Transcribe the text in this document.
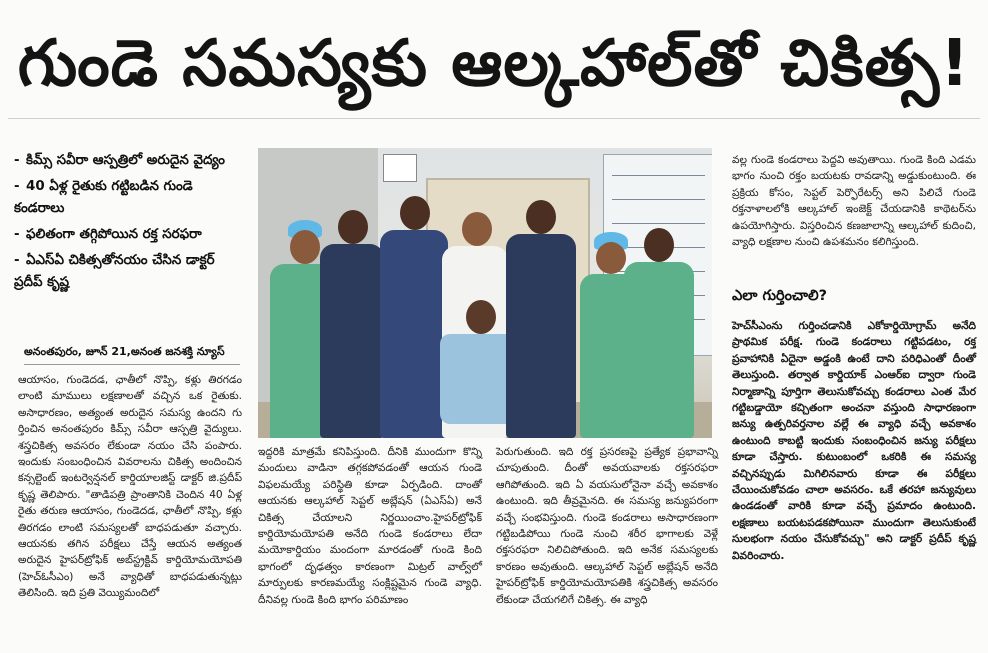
గుండె సమస్యకు ఆల్కహాల్‌తో చికిత్స!
- కిమ్స్ సవీరా ఆస్పత్రిలో అరుదైన వైద్యం
- 40 ఏళ్ల రైతుకు గట్టిబడిన గుండె కండరాలు
- ఫలితంగా తగ్గిపోయిన రక్త సరఫరా
- ఏఎస్ఏ చికిత్సతోనయం చేసిన డాక్టర్ ప్రదీప్ కృష్ణ
అనంతపురం, జూన్ 21,అనంత జనశక్తి న్యూస్

ఆయాసం, గుండెదడ, ఛాతీలో నొప్పి, కళ్లు తిరగడం లాంటి మాములు లక్షణాలతో వచ్చిన ఒక రైతుకు. అసాధారణం, అత్యంత అరుదైన సమస్య ఉందని గు ర్తించిన అనంతపురం కిమ్స్ సవీరా ఆస్పత్రి వైద్యులు. శస్త్రచికిత్స అవసరం లేకుండా నయం చేసి పంపారు. ఇందుకు సంబంధించిన వివరాలను చికిత్స అందించిన కన్సల్టెంట్ ఇంటర్వెన్షనల్ కార్డియాలజిస్ట్ డాక్టర్ జి.ప్రదీప్ కృష్ణ తెలిపారు. "తాడిపత్రి ప్రాంతానికి చెందిన 40 ఏళ్ల రైతు తరుణ ఆయాసం, గుండెదడ, ఛాతీలో నొప్పి, కళ్లు తిరగడం లాంటి సమస్యలతో బాధపడుతూ వచ్చారు. ఆయనకు తగిన పరీక్షలు చేస్తే ఆయన అత్యంత అరుదైన హైపర్‌ట్రోఫిక్ అబ్‌స్ట్రక్టివ్ కార్డియోమయోపతి (హెచ్ఓసీఎం) అనే వ్యాధితో బాధపడుతున్నట్లు తెలిసింది. ఇది ప్రతి వెయ్యిమందిలో

ఇద్దరికి మాత్రమే కనిపిస్తుంది. దీనికి ముందుగా కొన్ని మందులు వాడినా తగ్గకపోవడంతో ఆయన గుండె విఫలమయ్యే పరిస్థితి కూడా ఏర్పడింది. దాంతో ఆయనకు ఆల్కహాల్ సెప్టల్ అబ్లేషన్ (ఏఎస్ఏ) అనే చికిత్స చేయాలని నిర్ణయించాం.హైపర్‌ట్రోఫిక్ కార్డియోమయోపతి అనేది గుండె కండరాలు లేదా మయోకార్డియం మందంగా మారడంతో గుండె కింది భాగంలో దృఢత్వం కారణంగా మిట్రల్ వాల్వ్‌లో మార్పులకు కారణమయ్యే సంక్లిష్టమైన గుండె వ్యాధి. దీనివల్ల గుండె కింది భాగం పరిమాణం

పెరుగుతుంది. ఇది రక్త ప్రసరణపై ప్రత్యేక ప్రభావాన్ని చూపుతుంది. దీంతో అవయవాలకు రక్తసరఫరా ఆగిపోతుంది. ఇది ఏ వయసులోనైనా వచ్చే అవకాశం ఉంటుంది. ఇది తీవ్రమైనది. ఈ సమస్య జన్యుపరంగా వచ్చే సంభవిస్తుంది. గుండె కండరాలు అసాధారణంగా గట్టిబడిపోయి గుండె నుంచి శరీర భాగాలకు వెళ్లే రక్తసరఫరా నిలిచిపోతుంది. ఇది అనేక సమస్యలకు కారణం అవుతుంది. ఆల్కహాల్ సెప్టల్ అబ్లేషన్ అనేది హైపర్‌ట్రోఫిక్ కార్డియోమయోపతికి శస్త్రచికిత్స అవసరం లేకుండా చేయగలిగే చికిత్స. ఈ వ్యాధి

వల్ల గుండె కండరాలు పెద్దవి అవుతాయి. గుండె కింది ఎడమ భాగం నుంచి రక్తం బయటకు రావడాన్ని అడ్డుకుంటుంది. ఈ ప్రక్రియ కోసం, సెప్టల్ పెర్ఫొరేటర్స్ అని పిలిచే గుండె రక్తనాళాలలోకి ఆల్కహాల్ ఇంజెక్ట్ చేయడానికి కాథెటర్‌ను ఉపయోగిస్తారు. విస్తరించిన కణజాలాన్ని ఆల్కహాల్ కుదించి, వ్యాధి లక్షణాల నుంచి ఉపశమనం కలిగిస్తుంది.

ఎలా గుర్తించాలి?

హెచ్‌సీఎంను గుర్తించడానికి ఎకోకార్డియోగ్రామ్ అనేది ప్రాథమిక పరీక్ష. గుండె కండరాలు గట్టిపడటం, రక్త ప్రవాహానికి ఏదైనా అడ్డంకి ఉంటే దాని పరిధిఎంతో దీంతో తెలుస్తుంది. తర్వాత కార్డియాక్ ఎంఆర్ఐ ద్వారా గుండె నిర్మాణాన్ని పూర్తిగా తెలుసుకోవచ్చు కండరాలు ఎంత మేర గట్టిబడ్డాయో కచ్చితంగా అంచనా వస్తుంది సాధారణంగా జన్యు ఉత్పరివర్తనాల వల్లే ఈ వ్యాధి వచ్చే అవకాశం ఉంటుంది కాబట్టి ఇందుకు సంబంధించిన జన్యు పరీక్షలు కూడా చేస్తారు. కుటుంబంలో ఒకరికి ఈ సమస్య వచ్చినప్పుడు మిగిలినవారు కూడా ఈ పరీక్షలు చేయించుకోవడం చాలా అవసరం. ఒకే తరహా జన్యువులు ఉండడంతో వారికి కూడా వచ్చే ప్రమాదం ఉంటుంది. లక్షణాలు బయటపడకపోయినా ముందుగా తెలుసుకుంటే సులభంగా నయం చేసుకోవచ్చు" అని డాక్టర్ ప్రదీప్ కృష్ణ వివరించారు.
